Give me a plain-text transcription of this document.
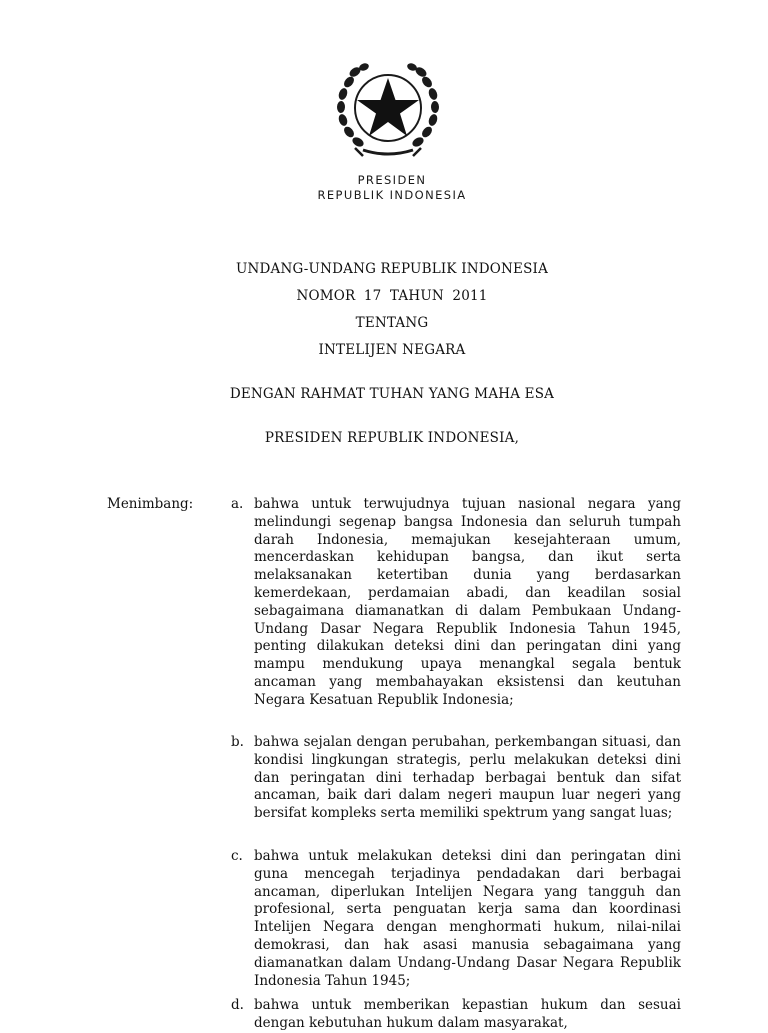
PRESIDEN
REPUBLIK INDONESIA
UNDANG-UNDANG REPUBLIK INDONESIA
NOMOR 17 TAHUN 2011
TENTANG
INTELIJEN NEGARA
DENGAN RAHMAT TUHAN YANG MAHA ESA
PRESIDEN REPUBLIK INDONESIA,
Menimbang:	a. bahwa untuk terwujudnya tujuan nasional negara yang melindungi segenap bangsa Indonesia dan seluruh tumpah darah Indonesia, memajukan kesejahteraan umum, mencerdaskan kehidupan bangsa, dan ikut serta melaksanakan ketertiban dunia yang berdasarkan kemerdekaan, perdamaian abadi, dan keadilan sosial sebagaimana diamanatkan di dalam Pembukaan Undang-Undang Dasar Negara Republik Indonesia Tahun 1945, penting dilakukan deteksi dini dan peringatan dini yang mampu mendukung upaya menangkal segala bentuk ancaman yang membahayakan eksistensi dan keutuhan Negara Kesatuan Republik Indonesia;
b. bahwa sejalan dengan perubahan, perkembangan situasi, dan kondisi lingkungan strategis, perlu melakukan deteksi dini dan peringatan dini terhadap berbagai bentuk dan sifat ancaman, baik dari dalam negeri maupun luar negeri yang bersifat kompleks serta memiliki spektrum yang sangat luas;
c. bahwa untuk melakukan deteksi dini dan peringatan dini guna mencegah terjadinya pendadakan dari berbagai ancaman, diperlukan Intelijen Negara yang tangguh dan profesional, serta penguatan kerja sama dan koordinasi Intelijen Negara dengan menghormati hukum, nilai-nilai demokrasi, dan hak asasi manusia sebagaimana yang diamanatkan dalam Undang-Undang Dasar Negara Republik Indonesia Tahun 1945;
d. bahwa untuk memberikan kepastian hukum dan sesuai dengan kebutuhan hukum dalam masyarakat,
